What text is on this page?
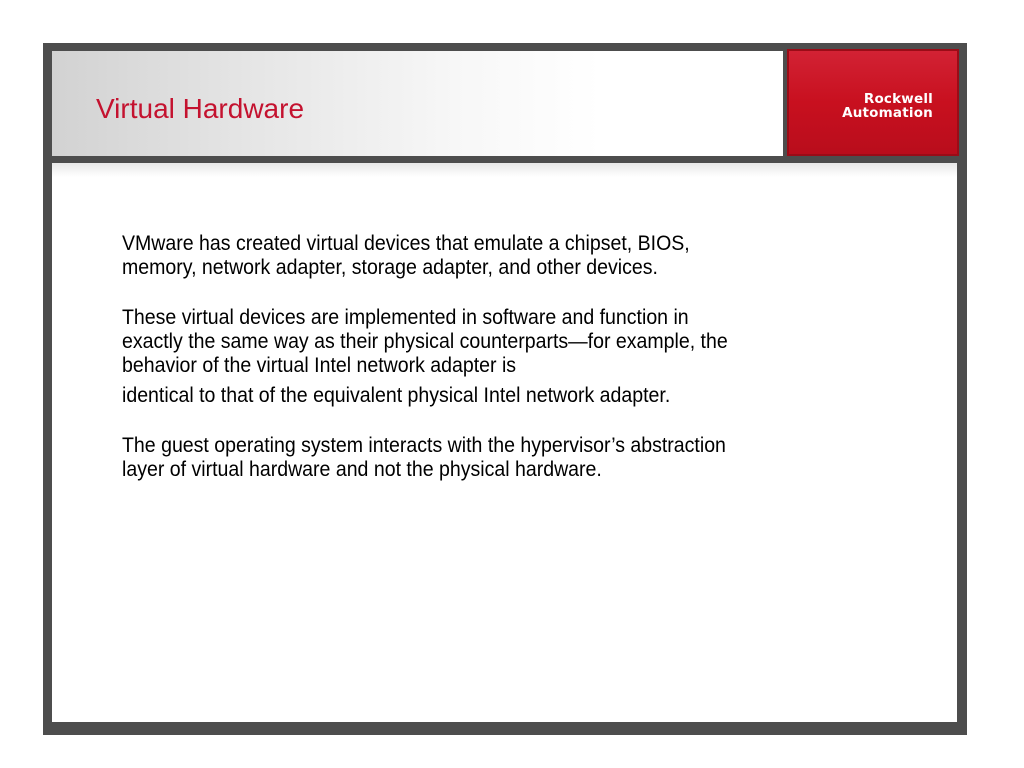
Virtual Hardware	Rockwell
Automation

VMware has created virtual devices that emulate a chipset, BIOS,

memory, network adapter, storage adapter, and other devices.

These virtual devices are implemented in software and function in

exactly the same way as their physical counterparts—for example, the

behavior of the virtual Intel network adapter is

identical to that of the equivalent physical Intel network adapter.

The guest operating system interacts with the hypervisor’s abstraction

layer of virtual hardware and not the physical hardware.
